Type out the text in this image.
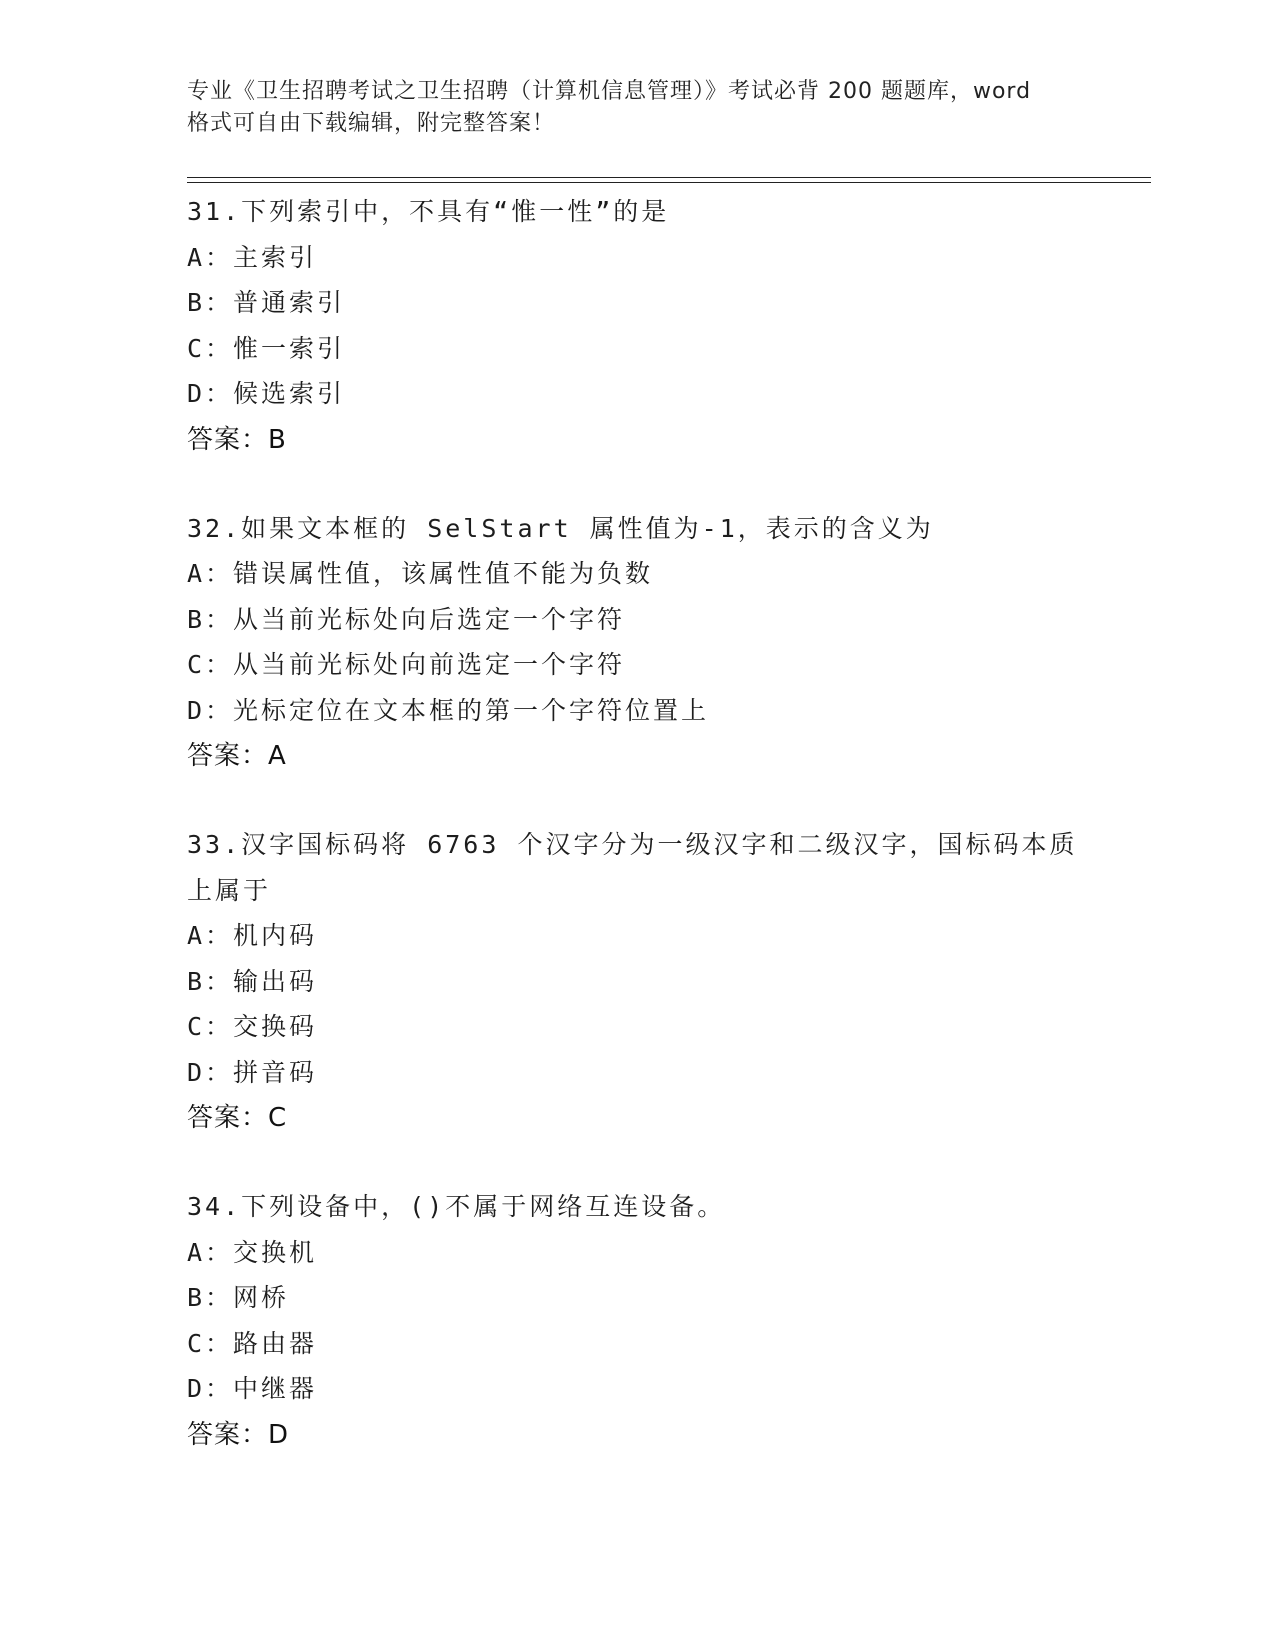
专业《卫生招聘考试之卫生招聘（计算机信息管理）》考试必背 200 题题库，word
格式可自由下载编辑，附完整答案！
31.下列索引中，不具有“惟一性”的是
A：主索引
B：普通索引
C：惟一索引
D：候选索引
答案：B
32.如果文本框的 SelStart 属性值为-1，表示的含义为
A：错误属性值，该属性值不能为负数
B：从当前光标处向后选定一个字符
C：从当前光标处向前选定一个字符
D：光标定位在文本框的第一个字符位置上
答案：A
33.汉字国标码将 6763 个汉字分为一级汉字和二级汉字，国标码本质
上属于
A：机内码
B：输出码
C：交换码
D：拼音码
答案：C
34.下列设备中，()不属于网络互连设备。
A：交换机
B：网桥
C：路由器
D：中继器
答案：D
